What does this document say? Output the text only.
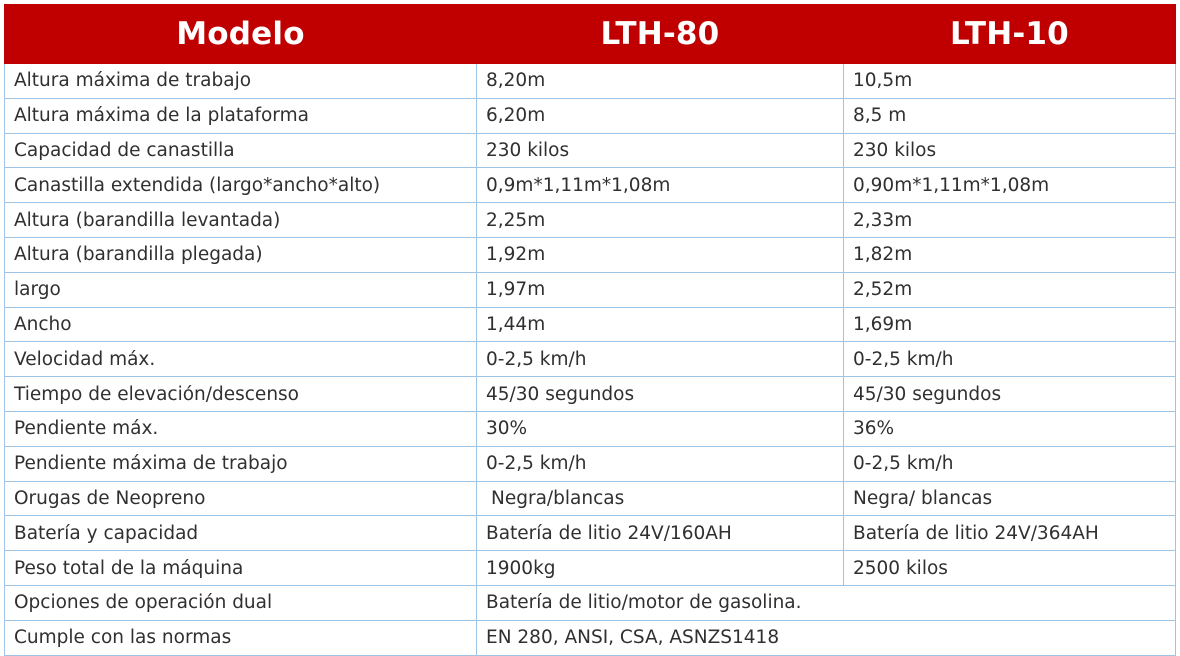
Modelo	LTH-80	LTH-10
Altura máxima de trabajo	8,20m	10,5m
Altura máxima de la plataforma	6,20m	8,5 m
Capacidad de canastilla	230 kilos	230 kilos
Canastilla extendida (largo*ancho*alto)	0,9m*1,11m*1,08m	0,90m*1,11m*1,08m
Altura (barandilla levantada)	2,25m	2,33m
Altura (barandilla plegada)	1,92m	1,82m
largo	1,97m	2,52m
Ancho	1,44m	1,69m
Velocidad máx.	0-2,5 km/h	0-2,5 km/h
Tiempo de elevación/descenso	45/30 segundos	45/30 segundos
Pendiente máx.	30%	36%
Pendiente máxima de trabajo	0-2,5 km/h	0-2,5 km/h
Orugas de Neopreno	Negra/blancas	Negra/ blancas
Batería y capacidad	Batería de litio 24V/160AH	Batería de litio 24V/364AH
Peso total de la máquina	1900kg	2500 kilos
Opciones de operación dual	Batería de litio/motor de gasolina.	
Cumple con las normas	EN 280, ANSI, CSA, ASNZS1418	
